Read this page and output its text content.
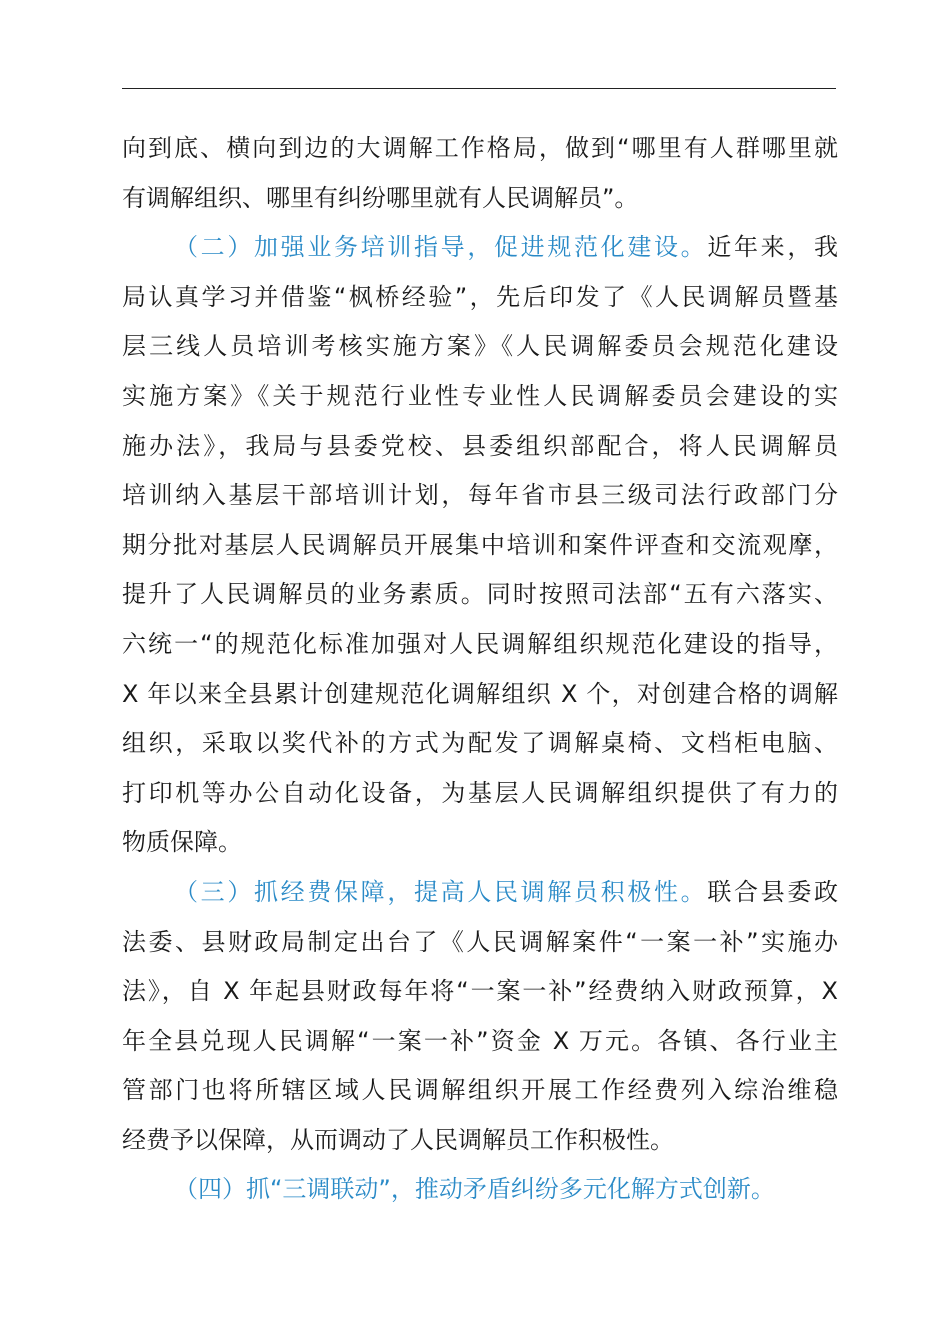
向到底、横向到边的大调解工作格局，做到“哪里有人群哪里就
有调解组织、哪里有纠纷哪里就有人民调解员”。
（二）加强业务培训指导，促进规范化建设。近年来，我
局认真学习并借鉴“枫桥经验”，先后印发了《人民调解员暨基
层三线人员培训考核实施方案》《人民调解委员会规范化建设
实施方案》《关于规范行业性专业性人民调解委员会建设的实
施办法》，我局与县委党校、县委组织部配合，将人民调解员
培训纳入基层干部培训计划，每年省市县三级司法行政部门分
期分批对基层人民调解员开展集中培训和案件评查和交流观摩，
提升了人民调解员的业务素质。同时按照司法部“五有六落实、
六统一“的规范化标准加强对人民调解组织规范化建设的指导，
X 年以来全县累计创建规范化调解组织 X 个，对创建合格的调解
组织，采取以奖代补的方式为配发了调解桌椅、文档柜电脑、
打印机等办公自动化设备，为基层人民调解组织提供了有力的
物质保障。
（三）抓经费保障，提高人民调解员积极性。联合县委政
法委、县财政局制定出台了《人民调解案件“一案一补”实施办
法》，自 X 年起县财政每年将“一案一补”经费纳入财政预算，X
年全县兑现人民调解“一案一补”资金 X 万元。各镇、各行业主
管部门也将所辖区域人民调解组织开展工作经费列入综治维稳
经费予以保障，从而调动了人民调解员工作积极性。
（四）抓“三调联动”，推动矛盾纠纷多元化解方式创新。
